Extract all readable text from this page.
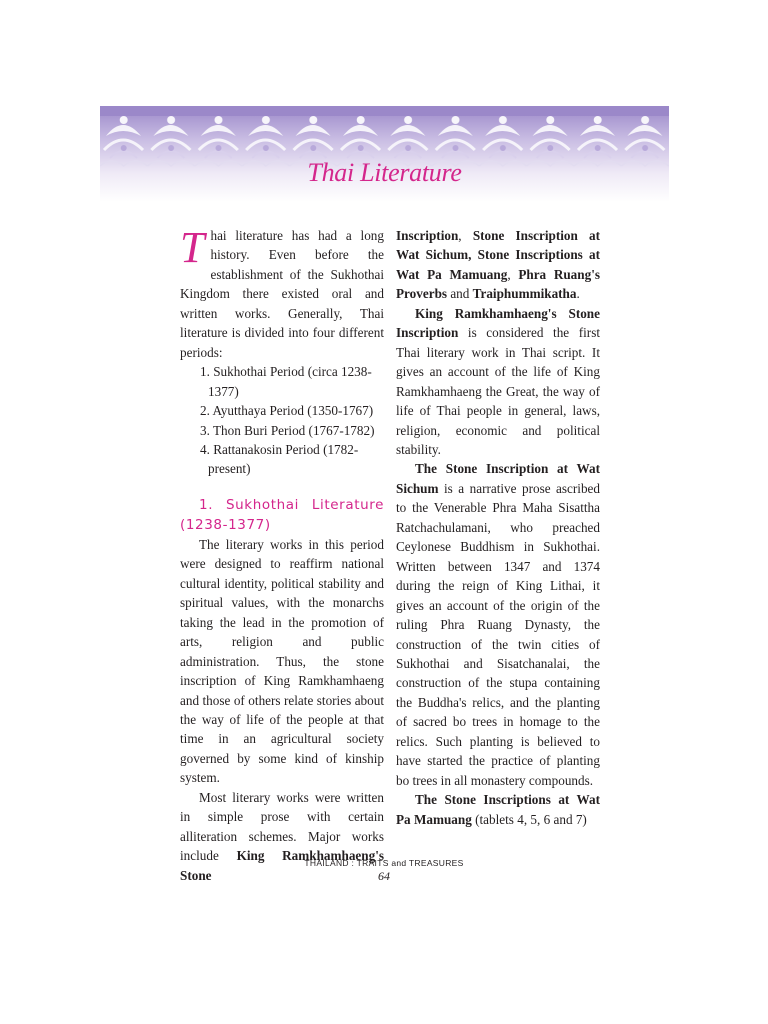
Thai Literature

Thai literature has had a long history. Even before the establishment of the Sukhothai Kingdom there existed oral and written works. Generally, Thai literature is divided into four different periods:

1. Sukhothai Period (circa 1238-1377)
2. Ayutthaya Period (1350-1767)
3. Thon Buri Period (1767-1782)
4. Rattanakosin Period (1782-present)
1. Sukhothai Literature (1238-1377)

The literary works in this period were designed to reaffirm national cultural identity, political stability and spiritual values, with the monarchs taking the lead in the promotion of arts, religion and public administration. Thus, the stone inscription of King Ramkhamhaeng and those of others relate stories about the way of life of the people at that time in an agricultural society governed by some kind of kinship system.

Most literary works were written in simple prose with certain alliteration schemes. Major works include King Ramkhamhaeng's Stone

Inscription, Stone Inscription at Wat Sichum, Stone Inscriptions at Wat Pa Mamuang, Phra Ruang's Proverbs and Traiphummikatha.

King Ramkhamhaeng's Stone Inscription is considered the first Thai literary work in Thai script. It gives an account of the life of King Ramkhamhaeng the Great, the way of life of Thai people in general, laws, religion, economic and political stability.

The Stone Inscription at Wat Sichum is a narrative prose ascribed to the Venerable Phra Maha Sisattha Ratchachulamani, who preached Ceylonese Buddhism in Sukhothai. Written between 1347 and 1374 during the reign of King Lithai, it gives an account of the origin of the ruling Phra Ruang Dynasty, the construction of the twin cities of Sukhothai and Sisatchanalai, the construction of the stupa containing the Buddha's relics, and the planting of sacred bo trees in homage to the relics. Such planting is believed to have started the practice of planting bo trees in all monastery compounds.

The Stone Inscriptions at Wat Pa Mamuang (tablets 4, 5, 6 and 7)

THAILAND : TRAITS and TREASURES
64
